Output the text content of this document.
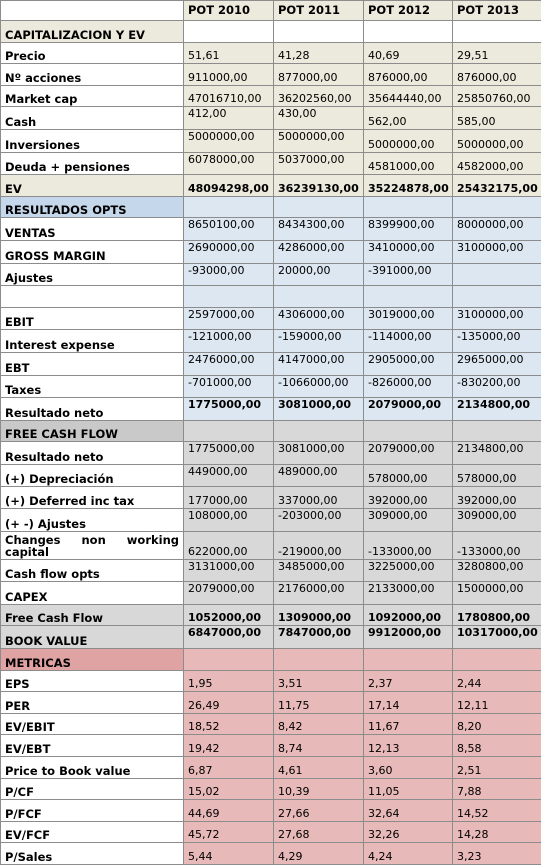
	POT 2010	POT 2011	POT 2012	POT 2013
CAPITALIZACION Y EV				
Precio	51,61	41,28	40,69	29,51
Nº acciones	911000,00	877000,00	876000,00	876000,00
Market cap	47016710,00	36202560,00	35644440,00	25850760,00
Cash	412,00	430,00	562,00	585,00
Inversiones	5000000,00	5000000,00	5000000,00	5000000,00
Deuda + pensiones	6078000,00	5037000,00	4581000,00	4582000,00
EV	48094298,00	36239130,00	35224878,00	25432175,00
RESULTADOS OPTS				
VENTAS	8650100,00	8434300,00	8399900,00	8000000,00
GROSS MARGIN	2690000,00	4286000,00	3410000,00	3100000,00
Ajustes	-93000,00	20000,00	-391000,00	

EBIT	2597000,00	4306000,00	3019000,00	3100000,00
Interest expense	-121000,00	-159000,00	-114000,00	-135000,00
EBT	2476000,00	4147000,00	2905000,00	2965000,00
Taxes	-701000,00	-1066000,00	-826000,00	-830200,00
Resultado neto	1775000,00	3081000,00	2079000,00	2134800,00
FREE CASH FLOW				
Resultado neto	1775000,00	3081000,00	2079000,00	2134800,00
(+) Depreciación	449000,00	489000,00	578000,00	578000,00
(+) Deferred inc tax	177000,00	337000,00	392000,00	392000,00
(+ -) Ajustes	108000,00	-203000,00	309000,00	309000,00
Changes non working capital	622000,00	-219000,00	-133000,00	-133000,00
Cash flow opts	3131000,00	3485000,00	3225000,00	3280800,00
CAPEX	2079000,00	2176000,00	2133000,00	1500000,00
Free Cash Flow	1052000,00	1309000,00	1092000,00	1780800,00
BOOK VALUE	6847000,00	7847000,00	9912000,00	10317000,00
METRICAS				
EPS	1,95	3,51	2,37	2,44
PER	26,49	11,75	17,14	12,11
EV/EBIT	18,52	8,42	11,67	8,20
EV/EBT	19,42	8,74	12,13	8,58
Price to Book value	6,87	4,61	3,60	2,51
P/CF	15,02	10,39	11,05	7,88
P/FCF	44,69	27,66	32,64	14,52
EV/FCF	45,72	27,68	32,26	14,28
P/Sales	5,44	4,29	4,24	3,23
